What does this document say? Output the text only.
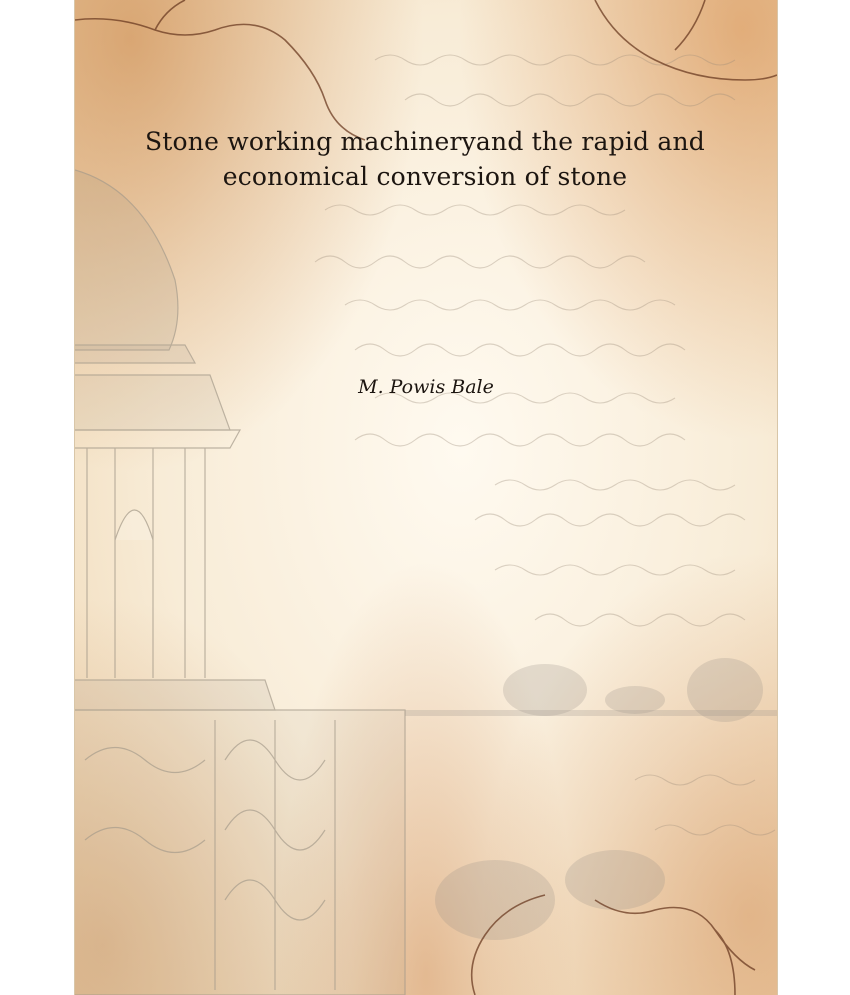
Stone working machineryand the rapid and economical conversion of stone

M. Powis Bale
